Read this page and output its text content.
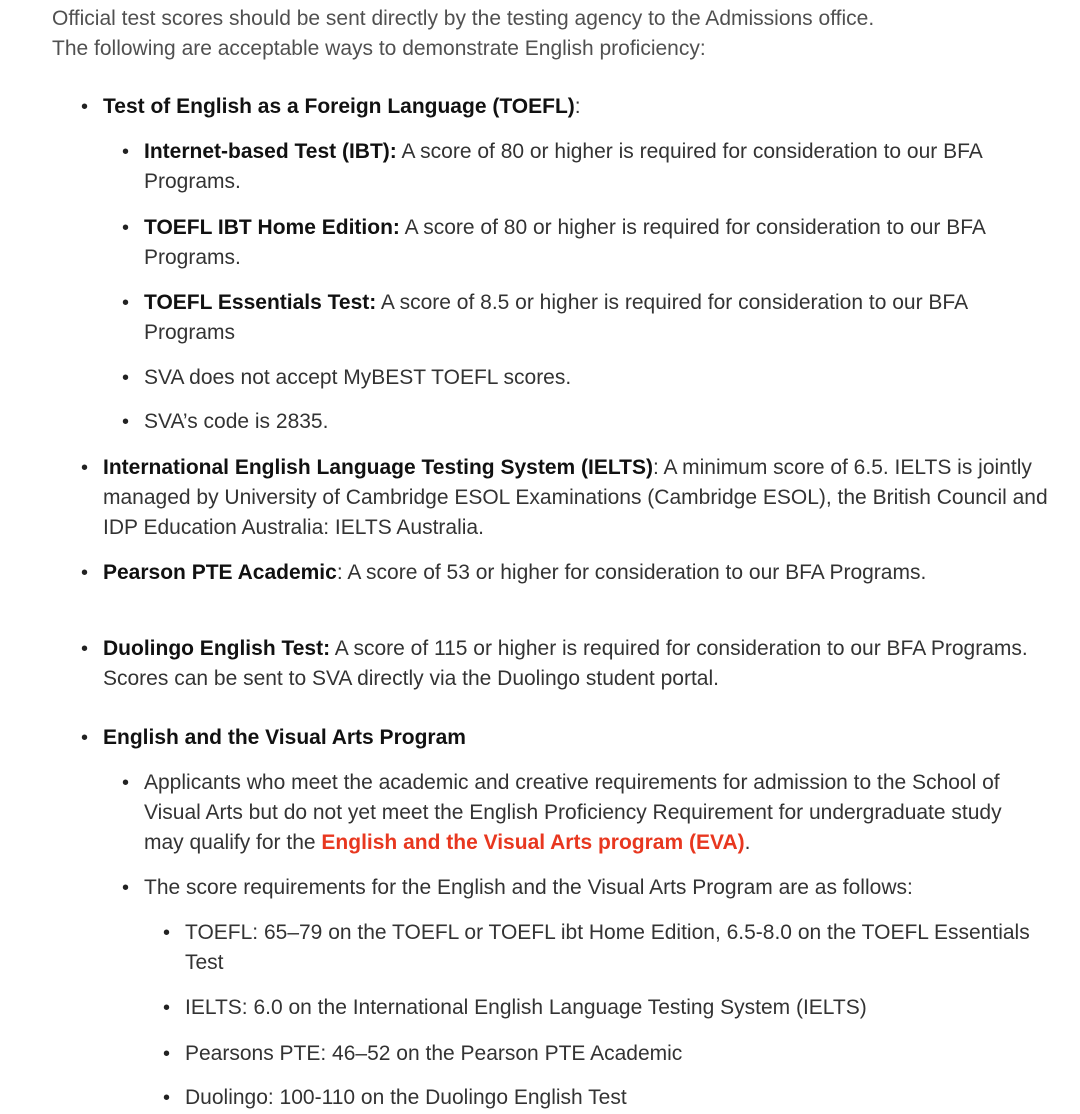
Official test scores should be sent directly by the testing agency to the Admissions office.
The following are acceptable ways to demonstrate English proficiency:

• Test of English as a Foreign Language (TOEFL):
• Internet-based Test (IBT): A score of 80 or higher is required for consideration to our BFA Programs.
• TOEFL IBT Home Edition: A score of 80 or higher is required for consideration to our BFA Programs.
• TOEFL Essentials Test: A score of 8.5 or higher is required for consideration to our BFA Programs
• SVA does not accept MyBEST TOEFL scores.
• SVA’s code is 2835.
• International English Language Testing System (IELTS): A minimum score of 6.5. IELTS is jointly managed by University of Cambridge ESOL Examinations (Cambridge ESOL), the British Council and IDP Education Australia: IELTS Australia.
• Pearson PTE Academic: A score of 53 or higher for consideration to our BFA Programs.
• Duolingo English Test: A score of 115 or higher is required for consideration to our BFA Programs. Scores can be sent to SVA directly via the Duolingo student portal.
• English and the Visual Arts Program
• Applicants who meet the academic and creative requirements for admission to the School of Visual Arts but do not yet meet the English Proficiency Requirement for undergraduate study may qualify for the English and the Visual Arts program (EVA).
• The score requirements for the English and the Visual Arts Program are as follows:
• TOEFL: 65–79 on the TOEFL or TOEFL ibt Home Edition, 6.5-8.0 on the TOEFL Essentials Test
• IELTS: 6.0 on the International English Language Testing System (IELTS)
• Pearsons PTE: 46–52 on the Pearson PTE Academic
• Duolingo: 100-110 on the Duolingo English Test
